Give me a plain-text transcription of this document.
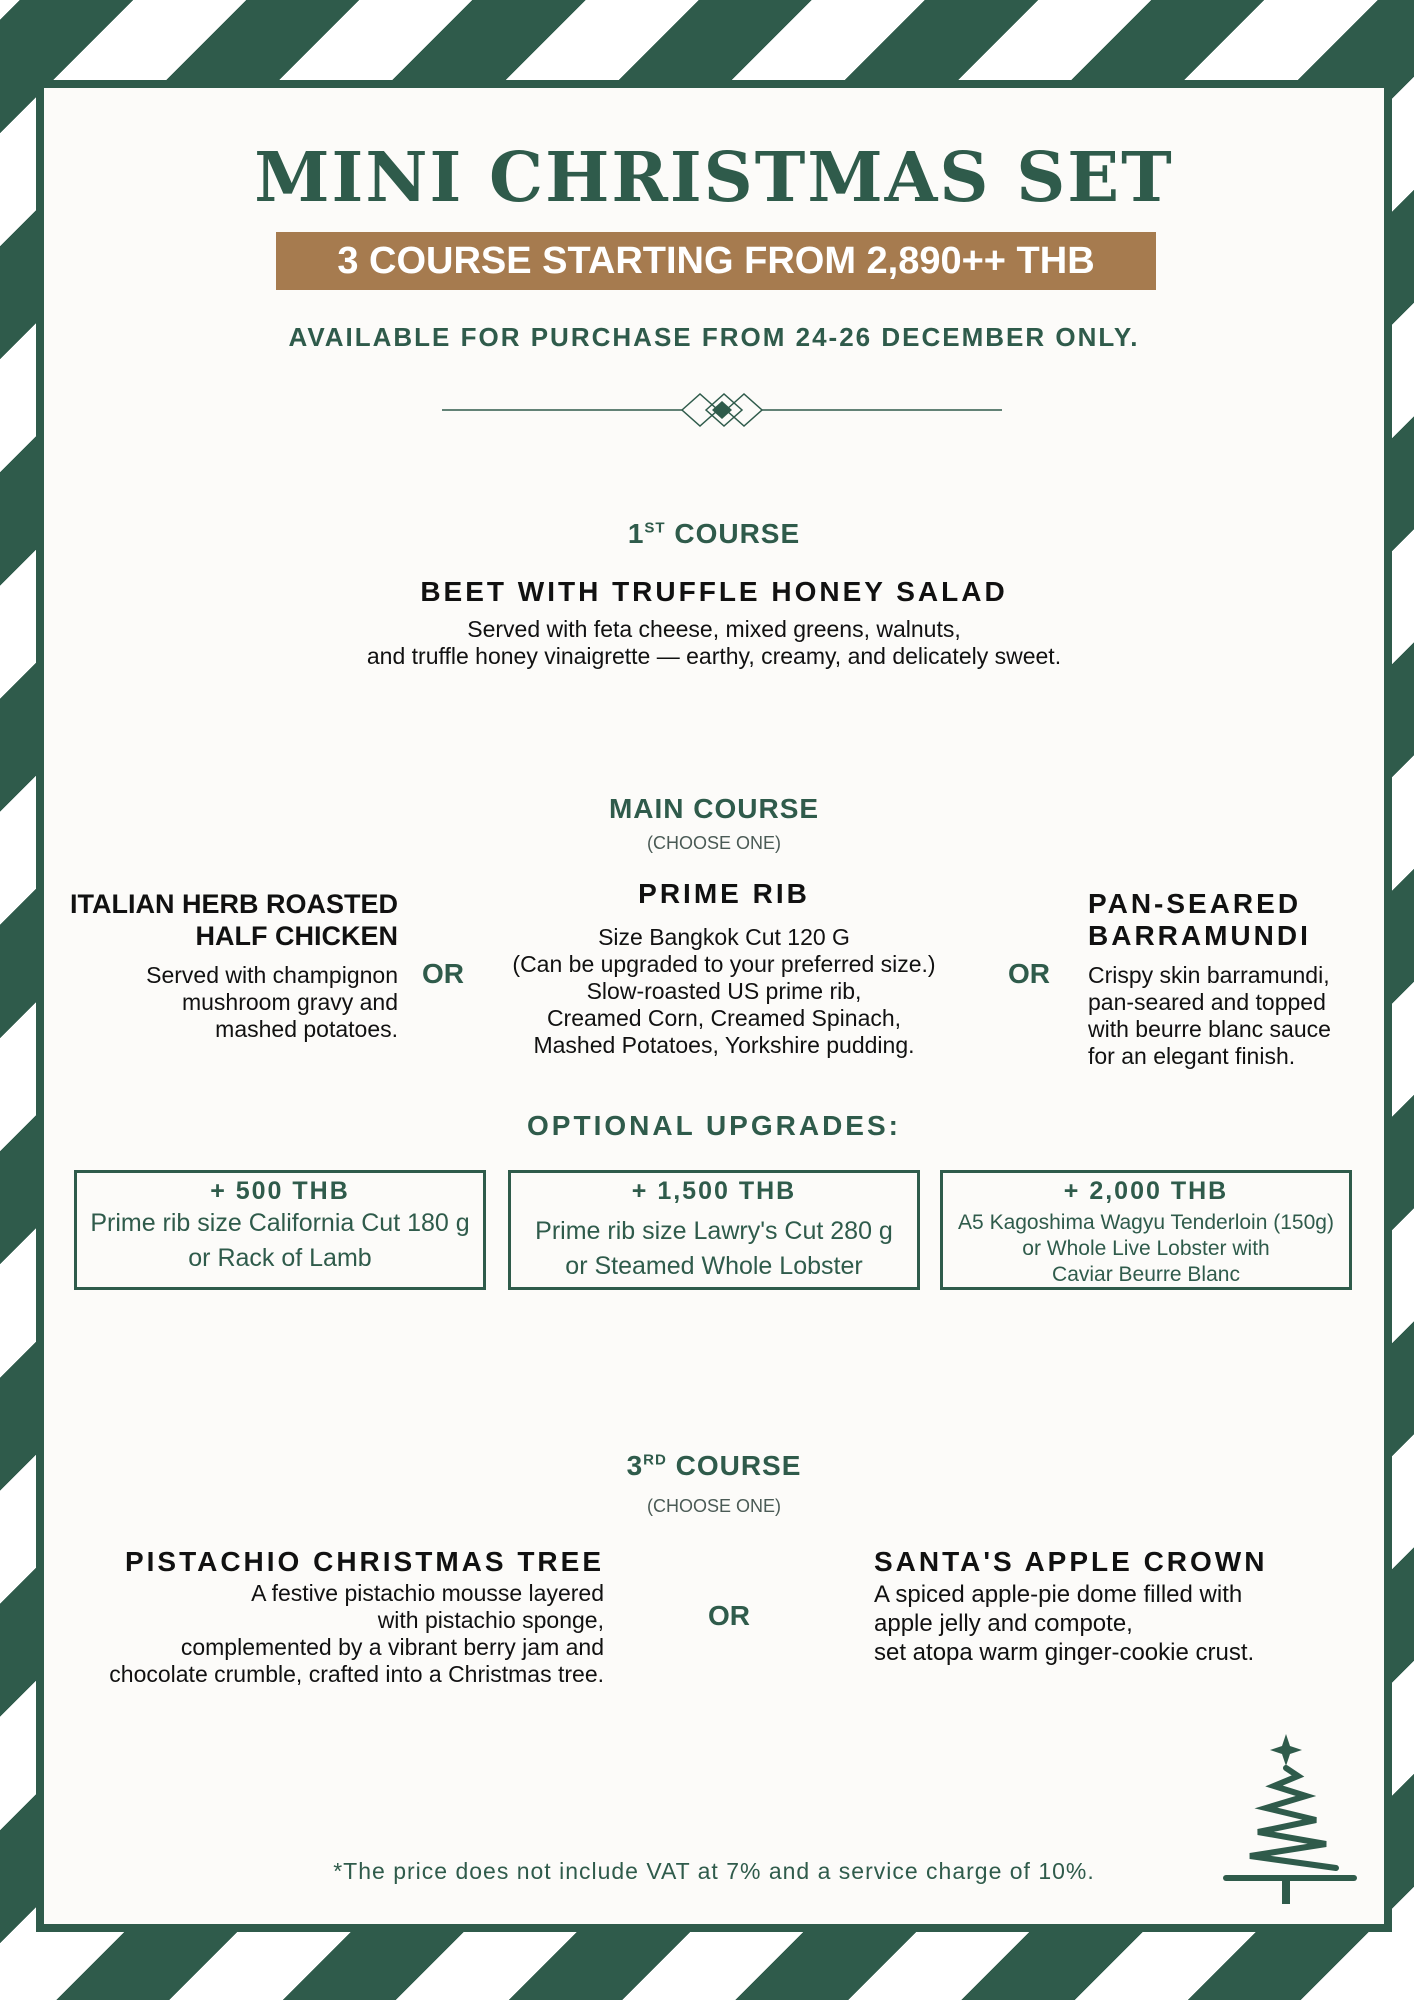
MINI CHRISTMAS SET
3 COURSE STARTING FROM 2,890++ THB
AVAILABLE FOR PURCHASE FROM 24-26 DECEMBER ONLY.
1ST COURSE
BEET WITH TRUFFLE HONEY SALAD
Served with feta cheese, mixed greens, walnuts,
and truffle honey vinaigrette — earthy, creamy, and delicately sweet.
MAIN COURSE
(CHOOSE ONE)
ITALIAN HERB ROASTED
HALF CHICKEN
Served with champignon
mushroom gravy and
mashed potatoes.
OR
PRIME RIB
Size Bangkok Cut 120 G
(Can be upgraded to your preferred size.)
Slow-roasted US prime rib,
Creamed Corn, Creamed Spinach,
Mashed Potatoes, Yorkshire pudding.
OR
PAN-SEARED
BARRAMUNDI
Crispy skin barramundi,
pan-seared and topped
with beurre blanc sauce
for an elegant finish.
OPTIONAL UPGRADES:
+ 500 THB
Prime rib size California Cut 180 g
or Rack of Lamb
+ 1,500 THB
Prime rib size Lawry's Cut 280 g
or Steamed Whole Lobster
+ 2,000 THB
A5 Kagoshima Wagyu Tenderloin (150g)
or Whole Live Lobster with
Caviar Beurre Blanc
3RD COURSE
(CHOOSE ONE)
PISTACHIO CHRISTMAS TREE
A festive pistachio mousse layered
with pistachio sponge,
complemented by a vibrant berry jam and
chocolate crumble, crafted into a Christmas tree.
OR
SANTA'S APPLE CROWN
A spiced apple-pie dome filled with
apple jelly and compote,
set atopa warm ginger-cookie crust.
*The price does not include VAT at 7% and a service charge of 10%.
